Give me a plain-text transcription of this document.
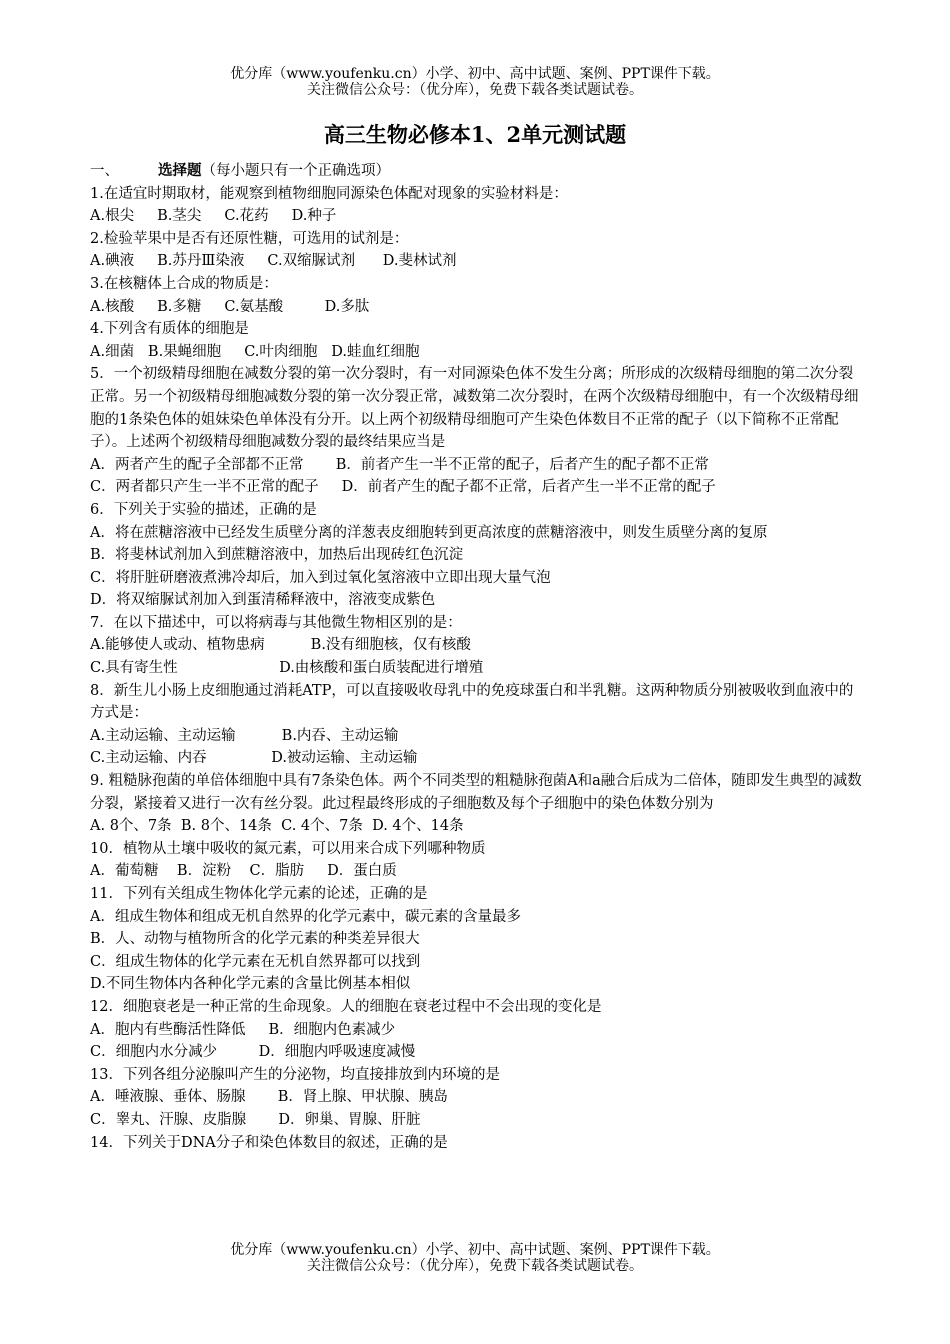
优分库（www.youfenku.cn）小学、初中、高中试题、案例、PPT课件下载。
关注微信公众号：（优分库），免费下载各类试题试卷。
高三生物必修本1、2单元测试题
一、	选择题（每小题只有一个正确选项）
1.在适宜时期取材，能观察到植物细胞同源染色体配对现象的实验材料是：
A.根尖     B.茎尖     C.花药     D.种子
2.检验苹果中是否有还原性糖，可选用的试剂是：
A.碘液     B.苏丹Ⅲ染液     C.双缩脲试剂      D.斐林试剂
3.在核糖体上合成的物质是：
A.核酸     B.多糖     C.氨基酸         D.多肽
4.下列含有质体的细胞是
A.细菌   B.果蝇细胞     C.叶肉细胞   D.蛙血红细胞
5．一个初级精母细胞在减数分裂的第一次分裂时，有一对同源染色体不发生分离；所形成的次级精母细胞的第二次分裂正常。另一个初级精母细胞减数分裂的第一次分裂正常，减数第二次分裂时，在两个次级精母细胞中，有一个次级精母细胞的1条染色体的姐妹染色单体没有分开。以上两个初级精母细胞可产生染色体数目不正常的配子（以下简称不正常配子）。上述两个初级精母细胞减数分裂的最终结果应当是
A．两者产生的配子全部都不正常       B．前者产生一半不正常的配子，后者产生的配子都不正常
C．两者都只产生一半不正常的配子     D．前者产生的配子都不正常，后者产生一半不正常的配子
6．下列关于实验的描述，正确的是
A．将在蔗糖溶液中已经发生质壁分离的洋葱表皮细胞转到更高浓度的蔗糖溶液中，则发生质壁分离的复原
B．将斐林试剂加入到蔗糖溶液中，加热后出现砖红色沉淀
C．将肝脏研磨液煮沸冷却后，加入到过氧化氢溶液中立即出现大量气泡
D．将双缩脲试剂加入到蛋清稀释液中，溶液变成紫色
7．在以下描述中，可以将病毒与其他微生物相区别的是：
A.能够使人或动、植物患病          B.没有细胞核，仅有核酸
C.具有寄生性                      D.由核酸和蛋白质装配进行增殖
8．新生儿小肠上皮细胞通过消耗ATP，可以直接吸收母乳中的免疫球蛋白和半乳糖。这两种物质分别被吸收到血液中的方式是：
A.主动运输、主动运输          B.内吞、主动运输
C.主动运输、内吞              D.被动运输、主动运输
9. 粗糙脉孢菌的单倍体细胞中具有7条染色体。两个不同类型的粗糙脉孢菌A和a融合后成为二倍体，随即发生典型的减数分裂，紧接着又进行一次有丝分裂。此过程最终形成的子细胞数及每个子细胞中的染色体数分别为
A. 8个、7条  B. 8个、14条  C. 4个、7条  D. 4个、14条
10．植物从土壤中吸收的氮元素，可以用来合成下列哪种物质
A．葡萄糖    B．淀粉    C．脂肪     D．蛋白质
11．下列有关组成生物体化学元素的论述，正确的是
A．组成生物体和组成无机自然界的化学元素中，碳元素的含量最多
B．人、动物与植物所含的化学元素的种类差异很大
C．组成生物体的化学元素在无机自然界都可以找到
D.不同生物体内各种化学元素的含量比例基本相似
12．细胞衰老是一种正常的生命现象。人的细胞在衰老过程中不会出现的变化是
A．胞内有些酶活性降低     B．细胞内色素减少
C．细胞内水分减少         D．细胞内呼吸速度减慢
13．下列各组分泌腺叫产生的分泌物，均直接排放到内环境的是
A．唾液腺、垂体、肠腺       B．肾上腺、甲状腺、胰岛
C．睾丸、汗腺、皮脂腺       D．卵巢、胃腺、肝脏
14．下列关于DNA分子和染色体数目的叙述，正确的是
优分库（www.youfenku.cn）小学、初中、高中试题、案例、PPT课件下载。
关注微信公众号：（优分库），免费下载各类试题试卷。
